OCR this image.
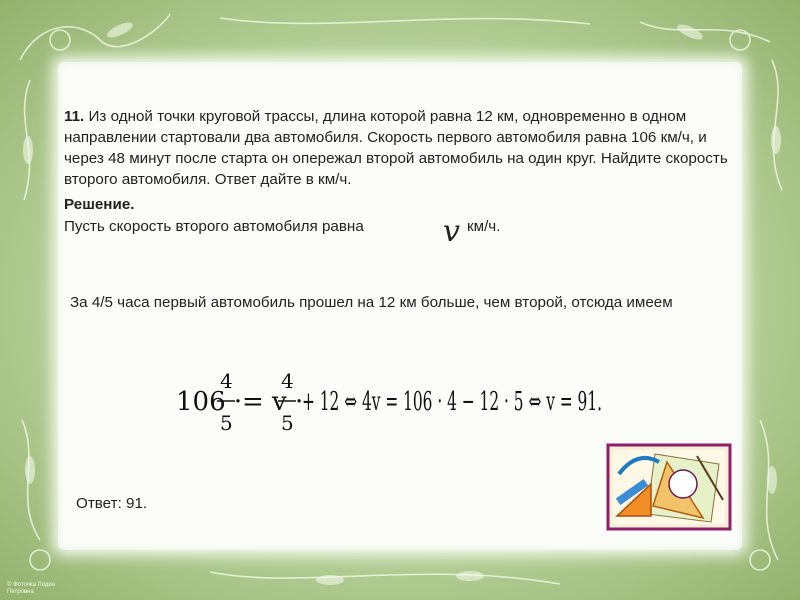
11. Из одной точки круговой трассы, длина которой равна 12 км, одновременно в одном направлении стартовали два автомобиля. Скорость первого автомобиля равна 106 км/ч, и через 48 минут после старта он опережал второй автомобиль на один круг. Найдите скорость второго автомобиля. Ответ дайте в км/ч.
Решение.
Пусть скорость второго автомобиля равна	v км/ч.
За 4/5 часа первый автомобиль прошел на 12 км больше, чем второй, отсюда имеем
106 ·
4
5
= v ·
4
5
+ 12 ⇔ 4v = 106 · 4 − 12 · 5 ⇔ v = 91.
Ответ: 91.
© Фоточка Лидия
Петровна
